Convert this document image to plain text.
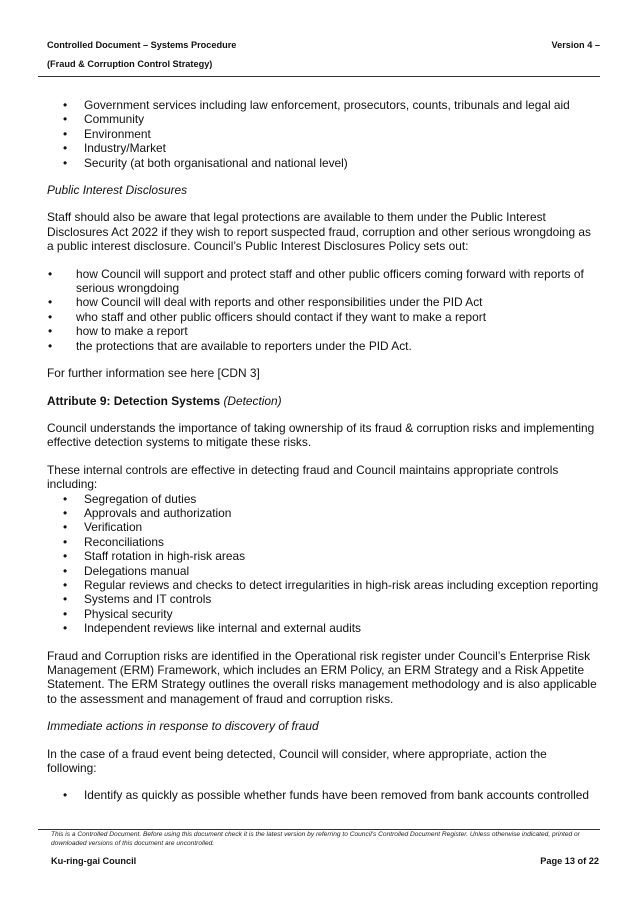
Controlled Document – Systems Procedure	Version 4 –
(Fraud & Corruption Control Strategy)
• Government services including law enforcement, prosecutors, counts, tribunals and legal aid
• Community
• Environment
• Industry/Market
• Security (at both organisational and national level)

Public Interest Disclosures

Staff should also be aware that legal protections are available to them under the Public Interest Disclosures Act 2022 if they wish to report suspected fraud, corruption and other serious wrongdoing as a public interest disclosure. Council’s Public Interest Disclosures Policy sets out:

• how Council will support and protect staff and other public officers coming forward with reports of serious wrongdoing
• how Council will deal with reports and other responsibilities under the PID Act
• who staff and other public officers should contact if they want to make a report
• how to make a report
• the protections that are available to reporters under the PID Act.

For further information see here [CDN 3]

Attribute 9: Detection Systems (Detection)

Council understands the importance of taking ownership of its fraud & corruption risks and implementing effective detection systems to mitigate these risks.

These internal controls are effective in detecting fraud and Council maintains appropriate controls including:

• Segregation of duties
• Approvals and authorization
• Verification
• Reconciliations
• Staff rotation in high-risk areas
• Delegations manual
• Regular reviews and checks to detect irregularities in high-risk areas including exception reporting
• Systems and IT controls
• Physical security
• Independent reviews like internal and external audits

Fraud and Corruption risks are identified in the Operational risk register under Council’s Enterprise Risk Management (ERM) Framework, which includes an ERM Policy, an ERM Strategy and a Risk Appetite Statement. The ERM Strategy outlines the overall risks management methodology and is also applicable to the assessment and management of fraud and corruption risks.

Immediate actions in response to discovery of fraud

In the case of a fraud event being detected, Council will consider, where appropriate, action the following:

• Identify as quickly as possible whether funds have been removed from bank accounts controlled
This is a Controlled Document. Before using this document check it is the latest version by referring to Council’s Controlled Document Register. Unless otherwise indicated, printed or downloaded versions of this document are uncontrolled.
Ku-ring-gai Council	Page 13 of 22
